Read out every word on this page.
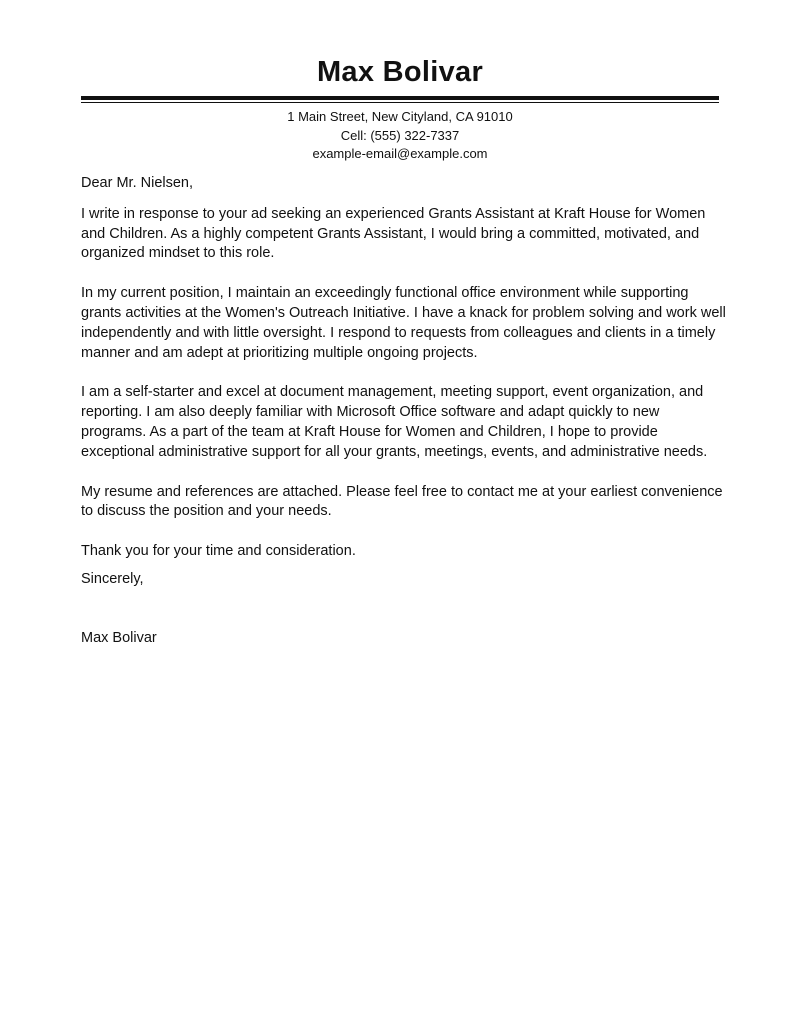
Max Bolivar
1 Main Street, New Cityland, CA 91010
Cell: (555) 322-7337
example-email@example.com

Dear Mr. Nielsen,

I write in response to your ad seeking an experienced Grants Assistant at Kraft House for Women
and Children. As a highly competent Grants Assistant, I would bring a committed, motivated, and
organized mindset to this role.

In my current position, I maintain an exceedingly functional office environment while supporting
grants activities at the Women's Outreach Initiative. I have a knack for problem solving and work well
independently and with little oversight. I respond to requests from colleagues and clients in a timely
manner and am adept at prioritizing multiple ongoing projects.

I am a self-starter and excel at document management, meeting support, event organization, and
reporting. I am also deeply familiar with Microsoft Office software and adapt quickly to new
programs. As a part of the team at Kraft House for Women and Children, I hope to provide
exceptional administrative support for all your grants, meetings, events, and administrative needs.

My resume and references are attached. Please feel free to contact me at your earliest convenience
to discuss the position and your needs.

Thank you for your time and consideration.

Sincerely,

Max Bolivar
